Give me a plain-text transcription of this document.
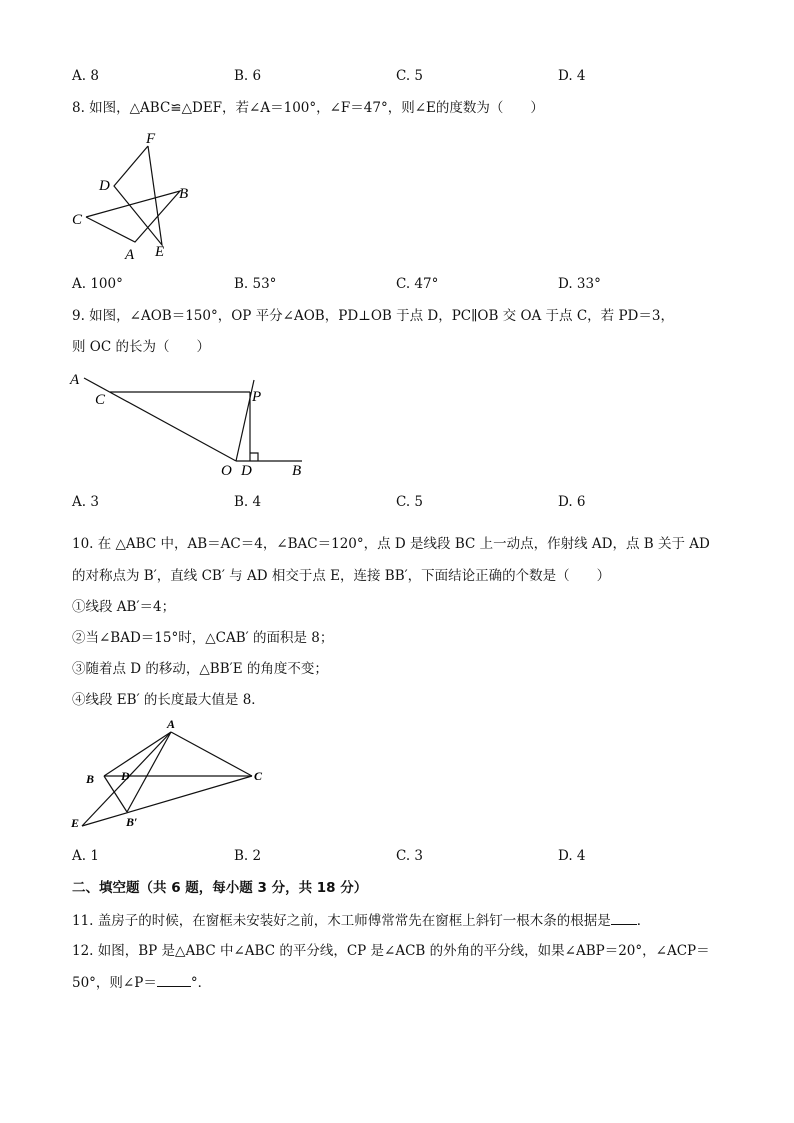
A. 8	B. 6	C. 5	D. 4
8. 如图，△ABC≌△DEF，若∠A＝100°，∠F＝47°，则∠E的度数为（　　）
F
D	B
C
A E
A. 100°	B. 53°	C. 47°	D. 33°
9. 如图，∠AOB＝150°，OP 平分∠AOB，PD⊥OB 于点 D，PC∥OB 交 OA 于点 C，若 PD＝3，
则 OC 的长为（　　）
A
C	P
O D	B
A. 3	B. 4	C. 5	D. 6
10. 在 △ABC 中，AB＝AC＝4，∠BAC＝120°，点 D 是线段 BC 上一动点，作射线 AD，点 B 关于 AD
的对称点为 B′，直线 CB′ 与 AD 相交于点 E，连接 BB′，下面结论正确的个数是（　　）
①线段 AB′＝4；
②当∠BAD＝15°时，△CAB′ 的面积是 8；
③随着点 D 的移动，△BB′E 的角度不变；
④线段 EB′ 的长度最大值是 8．
A
B D	C
E	B′
A. 1	B. 2	C. 3	D. 4
二、填空题（共 6 题，每小题 3 分，共 18 分）
11. 盖房子的时候，在窗框未安装好之前，木工师傅常常先在窗框上斜钉一根木条的根据是 ．
12. 如图，BP 是△ABC 中∠ABC 的平分线，CP 是∠ACB 的外角的平分线，如果∠ABP＝20°，∠ACP＝
50°，则∠P＝	°．
